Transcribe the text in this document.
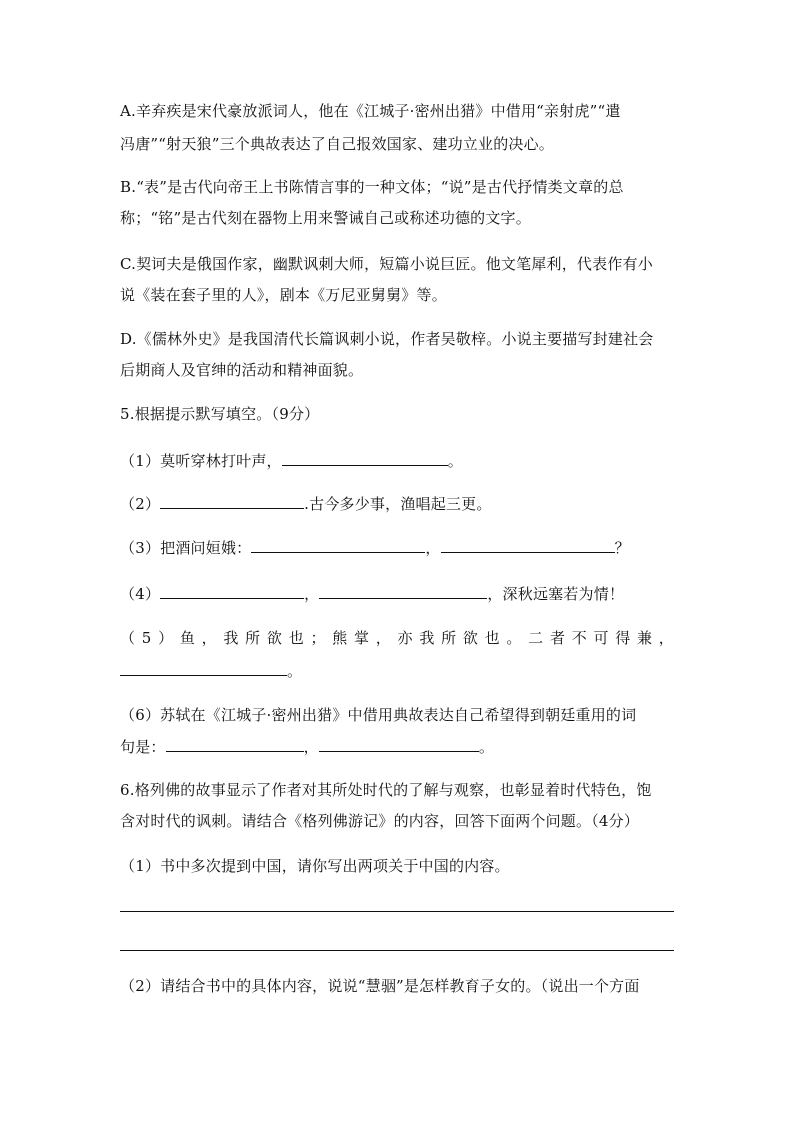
A.辛弃疾是宋代豪放派词人，他在《江城子·密州出猎》中借用“亲射虎”“遣
冯唐”“射天狼”三个典故表达了自己报效国家、建功立业的决心。
B.“表”是古代向帝王上书陈情言事的一种文体；“说”是古代抒情类文章的总
称；“铭”是古代刻在器物上用来警诫自己或称述功德的文字。
C.契诃夫是俄国作家，幽默讽刺大师，短篇小说巨匠。他文笔犀利，代表作有小
说《装在套子里的人》，剧本《万尼亚舅舅》等。
D.《儒林外史》是我国清代长篇讽刺小说，作者吴敬梓。小说主要描写封建社会
后期商人及官绅的活动和精神面貌。
5.根据提示默写填空。（9分）
（1）莫听穿林打叶声，	。
（2）	.古今多少事，渔唱起三更。
（3）把酒问姮娥：	，	？
（4）	，	，深秋远塞若为情！
（5）鱼，我所欲也；熊掌，亦我所欲也。二者不可得兼，
。
（6）苏轼在《江城子·密州出猎》中借用典故表达自己希望得到朝廷重用的词
句是：	，	。
6.格列佛的故事显示了作者对其所处时代的了解与观察，也彰显着时代特色，饱
含对时代的讽刺。请结合《格列佛游记》的内容，回答下面两个问题。（4分）
（1）书中多次提到中国，请你写出两项关于中国的内容。
（2）请结合书中的具体内容，说说“慧骃”是怎样教育子女的。（说出一个方面
